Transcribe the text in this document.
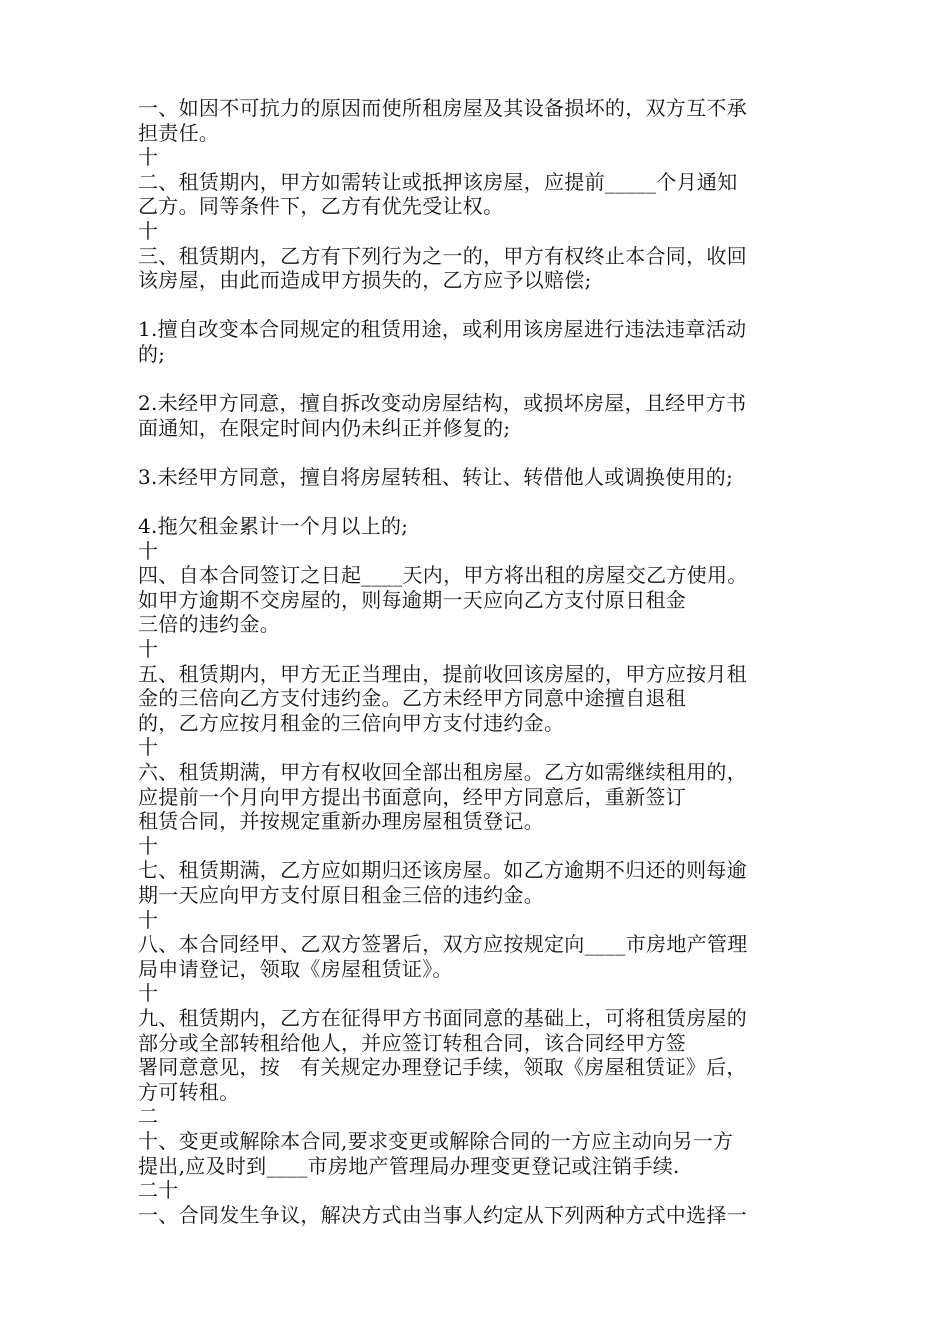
一、如因不可抗力的原因而使所租房屋及其设备损坏的，双方互不承
担责任。
十
二、租赁期内，甲方如需转让或抵押该房屋，应提前_____个月通知
乙方。同等条件下，乙方有优先受让权。
十
三、租赁期内，乙方有下列行为之一的，甲方有权终止本合同，收回
该房屋，由此而造成甲方损失的，乙方应予以赔偿;
1.擅自改变本合同规定的租赁用途，或利用该房屋进行违法违章活动
的;
2.未经甲方同意，擅自拆改变动房屋结构，或损坏房屋，且经甲方书
面通知，在限定时间内仍未纠正并修复的;
3.未经甲方同意，擅自将房屋转租、转让、转借他人或调换使用的;
4.拖欠租金累计一个月以上的;
十
四、自本合同签订之日起____天内，甲方将出租的房屋交乙方使用。
如甲方逾期不交房屋的，则每逾期一天应向乙方支付原日租金
三倍的违约金。
十
五、租赁期内，甲方无正当理由，提前收回该房屋的，甲方应按月租
金的三倍向乙方支付违约金。乙方未经甲方同意中途擅自退租
的，乙方应按月租金的三倍向甲方支付违约金。
十
六、租赁期满，甲方有权收回全部出租房屋。乙方如需继续租用的，
应提前一个月向甲方提出书面意向，经甲方同意后，重新签订
租赁合同，并按规定重新办理房屋租赁登记。
十
七、租赁期满，乙方应如期归还该房屋。如乙方逾期不归还的则每逾
期一天应向甲方支付原日租金三倍的违约金。
十
八、本合同经甲、乙双方签署后，双方应按规定向____市房地产管理
局申请登记，领取《房屋租赁证》。
十
九、租赁期内，乙方在征得甲方书面同意的基础上，可将租赁房屋的
部分或全部转租给他人，并应签订转租合同，该合同经甲方签
署同意意见，按   有关规定办理登记手续，领取《房屋租赁证》后，
方可转租。
二
十、变更或解除本合同,要求变更或解除合同的一方应主动向另一方
提出,应及时到____市房地产管理局办理变更登记或注销手续.
二十
一、合同发生争议，解决方式由当事人约定从下列两种方式中选择一
